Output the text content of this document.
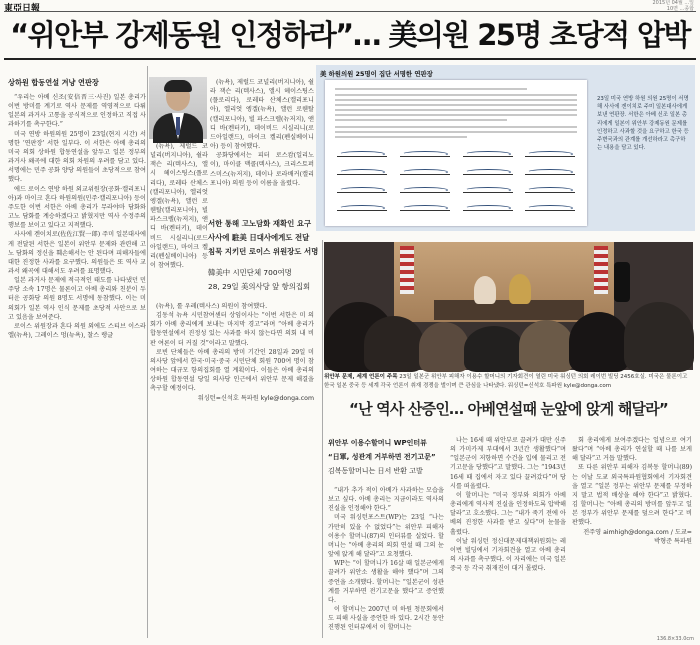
東亞日報
2015년 04월 ...일
10면 ...종합
“위안부 강제동원 인정하라”… 美의원 25명 초당적 압박
상하원 합동연설 겨냥 연판장

“우리는 아베 신조(安倍晋三·사진) 일본 총리가 이번 방미를 계기로 역사 문제를 역영적으로 다뤄 일본의 과거사 고통을 공식적으로 인정하고 직접 사과하기를 촉구한다.”

미국 연방 하원의원 25명이 23일(현지 시간) 서명한 ‘연판장’ 서한 일부다. 이 서한은 아베 총리의 미국 의회 상하원 합동연설을 앞두고 일본 정부의 과거사 왜곡에 대한 의회 차원의 우려를 담고 있다. 서명에는 민주 공화 양당 의원들이 초당적으로 참여했다.

에드 로이스 연방 하원 외교위원장(공화·캘리포니아)과 마이크 혼다 하원의원(민주·캘리포니아) 등이 주도한 이번 서한은 아베 총리가 무라야마 담화와 고노 담화를 계승하겠다고 밝혔지만 역사 수정주의 행보를 보이고 있다고 지적했다.

사사에 겐이치로(佐佐江賢一郞) 주미 일본대사에게 전달된 서한은 일본이 위안부 문제와 관련해 고노 담화의 정신을 훼손해서는 안 된다며 피해자들에 대한 진정한 사과를 요구했다. 의원들은 또 역사 교과서 왜곡에 대해서도 우려를 표명했다.

일본 과거사 문제에 적극적인 태도를 나타냈던 민주당 소속 17명은 물론이고 아베 총리와 친분이 두터운 공화당 의원 8명도 서명에 동참했다. 이는 미 의회가 일본 역사 인식 문제를 초당적 사안으로 보고 있음을 보여준다.

로이스 위원장과 혼다 의원 외에도 스티브 이스라엘(뉴욕), 그레이스 멍(뉴욕), 찰스 랭글

(뉴욕), 제럴드 코널리(버지니아), 쉴라 잭슨 리(텍사스), 앨시 헤이스팅스(플로리다), 로레타 산체스(캘리포니아), 엘리엇 엥겔(뉴욕), 앨런 로웬탈(캘리포니아), 빌 파스크렐(뉴저지), 앤디 바(켄터키), 데이비드 시실리니(로드아일랜드), 마이크 켈리(펜실베이니아) 등이 참여했다.

공화당에서는 피터 로스캄(일리노이), 마이클 맥콜(텍사스), 크리스토퍼 스미스(뉴저지), 데이나 로라배커(캘리포니아) 의원 등이 이름을 올렸다.

(뉴욕), 제럴드 코널리(버지니아), 쉴라 잭슨 리(텍사스), 앨시 헤이스팅스(플로리다), 로레타 산체스(캘리포니아), 엘리엇 엥겔(뉴욕), 앨런 로웬탈(캘리포니아), 빌 파스크렐(뉴저지), 앤디 바(켄터키), 데이비드 시실리니(로드아일랜드), 마이크 켈리(펜실베이니아) 등이 참여했다.

서한 통해 고노담화 재확인 요구
사사에 駐美 日대사에게도 전달
침묵 지키던 로이스 위원장도 서명
韓美中 시민단체 700여명
28, 29일 美의사당 앞 항의집회

(뉴욕), 롤 우레(텍사스) 의원이 참여했다.

김동석 뉴욕 시민참여센터 상임이사는 “이번 서한은 미 의회가 아베 총리에게 보내는 마지막 경고”라며 “아베 총리가 합동연설에서 진정성 있는 사과를 하지 않는다면 의회 내 비판 여론이 더 커질 것”이라고 말했다.

로빈 단체들은 아베 총리의 방미 기간인 28일과 29일 미 의사당 앞에서 한국·미국·중국 시민단체 회원 700여 명이 참여하는 대규모 항의집회를 열 계획이다. 이들은 아베 총리의 상하원 합동연설 당일 의사당 인근에서 위안부 문제 해결을 촉구할 예정이다.

워싱턴=신석호 특파원 kyle@donga.com

美 하원의원 25명이 집단 서명한 연판장
23일 미국 연방 하원 의원 25명이 서명해 사사에 겐이치로 주미 일본대사에게 보낸 연판장. 서한은 아베 신조 일본 총리에게 일본이 위안부 강제동원 문제를 인정하고 사과할 것을 요구하고 한국 등 주변국과의 관계를 개선하라고 촉구하는 내용을 담고 있다.
위안부 문제, 세계 언론이 주목 23일 일본군 위안부 피해자 이용수 할머니의 기자회견이 열린 미국 워싱턴 의회 레이번 빌딩 2456호실. 미국은 물론이고 한국 일본 중국 등 세계 각국 언론이 취재 경쟁을 벌이며 큰 관심을 나타냈다. 워싱턴=신석호 특파원 kyle@donga.com
“난 역사 산증인… 아베연설때 눈앞에 앉게 해달라”
위안부 이용수할머니 WP인터뷰
“日軍, 성관계 거부하면 전기고문”
김복동할머니는 日서 반환 고발

“내가 추가 적이 아베가 사과하는 모습을 보고 싶다. 아베 총리는 지금이라도 역사의 진실을 인정해야 한다.”

미국 워싱턴포스트(WP)는 23일 “나는 가만히 있을 수 없었다”는 위안부 피해자 이용수 할머니(87)의 인터뷰를 실었다. 할머니는 “아베 총리의 의회 연설 때 그의 눈앞에 앉게 해 달라”고 요청했다.

WP는 “이 할머니가 16살 때 일본군에게 끌려가 위안소 생활을 해야 했다”며 그의 증언을 소개했다. 할머니는 “일본군이 성관계를 거부하면 전기고문을 했다”고 증언했다.

이 할머니는 2007년 미 하원 청문회에서도 피해 사실을 증언한 바 있다. 2시간 동안 진행된 인터뷰에서 이 할머니는

나는 16세 때 위안부로 끌려가 대만 신주의 가미카제 부대에서 3년간 생활했다”며 “일본군이 저항하면 수건을 입에 물리고 전기고문을 당했다”고 말했다. 그는 “1943년 16세 때 집에서 자고 있다 끌려갔다”며 당시를 떠올렸다.

이 할머니는 “미국 정부와 의회가 아베 총리에게 역사적 진실을 인정하도록 압박해 달라”고 호소했다. 그는 “내가 죽기 전에 아베의 진정한 사과를 받고 싶다”며 눈물을 흘렸다.

이날 워싱턴 정신대문제대책위원회는 레이번 빌딩에서 기자회견을 열고 아베 총리의 사과를 촉구했다. 이 자리에는 미국 일본 중국 등 각국 취재진이 대거 몰렸다.

회 총리에게 보여주겠다는 일념으로 여기 왔다”며 “아베 총리가 연설할 때 나를 보게 해 달라”고 거듭 말했다.

또 다른 위안부 피해자 김복동 할머니(89)는 이날 도쿄 외국특파원협회에서 기자회견을 열고 “일본 정부는 위안부 문제를 부정하지 말고 법적 배상을 해야 한다”고 밝혔다. 김 할머니는 “아베 총리의 방미를 앞두고 일본 정부가 위안부 문제를 덮으려 한다”고 비판했다.

전주영 aimhigh@donga.com / 도쿄=박형준 특파원

136.8×33.0cm
